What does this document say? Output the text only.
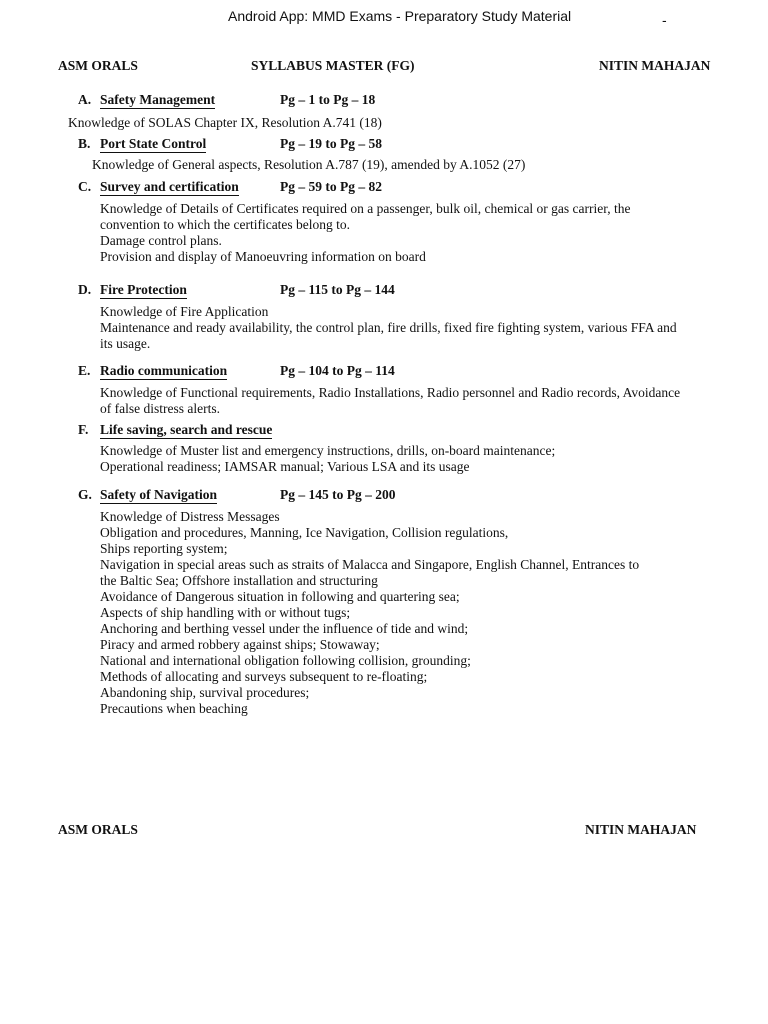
Android App: MMD Exams - Preparatory Study Material	-
ASM ORALS	SYLLABUS MASTER (FG)	NITIN MAHAJAN
A. Safety Management	Pg – 1 to Pg – 18
Knowledge of SOLAS Chapter IX, Resolution A.741 (18)
B. Port State Control	Pg – 19 to Pg – 58
Knowledge of General aspects, Resolution A.787 (19), amended by A.1052 (27)
C. Survey and certification	Pg – 59 to Pg – 82
Knowledge of Details of Certificates required on a passenger, bulk oil, chemical or gas carrier, the
convention to which the certificates belong to.
Damage control plans.
Provision and display of Manoeuvring information on board
D. Fire Protection	Pg – 115 to Pg – 144
Knowledge of Fire Application
Maintenance and ready availability, the control plan, fire drills, fixed fire fighting system, various FFA and
its usage.
E. Radio communication	Pg – 104 to Pg – 114
Knowledge of Functional requirements, Radio Installations, Radio personnel and Radio records, Avoidance
of false distress alerts.
F. Life saving, search and rescue
Knowledge of Muster list and emergency instructions, drills, on-board maintenance;
Operational readiness; IAMSAR manual; Various LSA and its usage
G. Safety of Navigation	Pg – 145 to Pg – 200
Knowledge of Distress Messages
Obligation and procedures, Manning, Ice Navigation, Collision regulations,
Ships reporting system;
Navigation in special areas such as straits of Malacca and Singapore, English Channel, Entrances to
the Baltic Sea; Offshore installation and structuring
Avoidance of Dangerous situation in following and quartering sea;
Aspects of ship handling with or without tugs;
Anchoring and berthing vessel under the influence of tide and wind;
Piracy and armed robbery against ships; Stowaway;
National and international obligation following collision, grounding;
Methods of allocating and surveys subsequent to re-floating;
Abandoning ship, survival procedures;
Precautions when beaching
ASM ORALS	NITIN MAHAJAN
